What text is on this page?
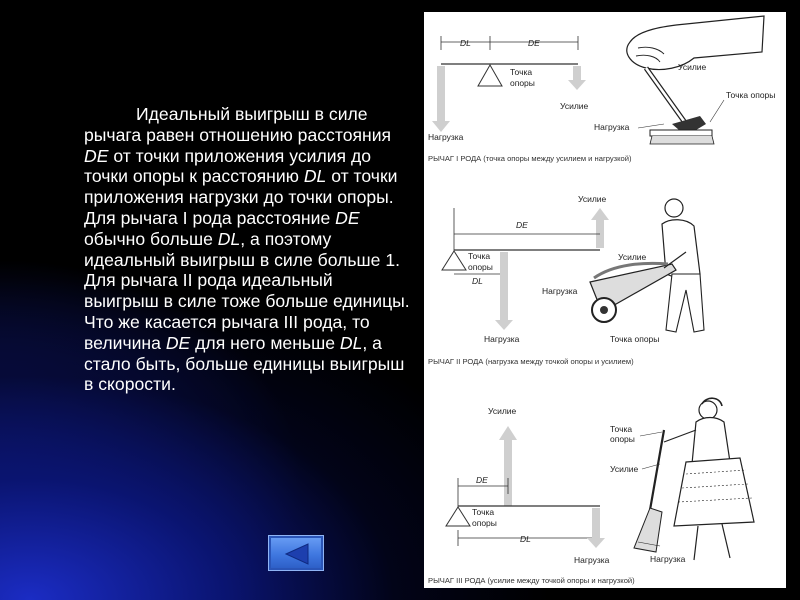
Идеальный выигрыш в силе рычага равен отношению расстояния DE от точки приложения усилия до точки опоры к расстоянию DL от точки приложения нагрузки до точки опоры. Для рычага I рода расстояние DE обычно больше DL, а поэтому идеальный выигрыш в силе больше 1. Для рычага II рода идеальный выигрыш в силе тоже больше единицы. Что же касается рычага III рода, то величина DE для него меньше DL, а стало быть, больше единицы выигрыш в скорости.

DL	DE
Точка
опоры
Нагрузка
Усилие
Усилие
Точка опоры
Нагрузка
РЫЧАГ I РОДА (точка опоры между усилием и нагрузкой)
Усилие
DE
Точка
опоры
DL
Нагрузка
Усилие
Нагрузка
Точка опоры
РЫЧАГ II РОДА (нагрузка между точкой опоры и усилием)
Усилие
DE
Точка
опоры
DL
Нагрузка
Точка
опоры
Усилие
Нагрузка
РЫЧАГ III РОДА (усилие между точкой опоры и нагрузкой)
